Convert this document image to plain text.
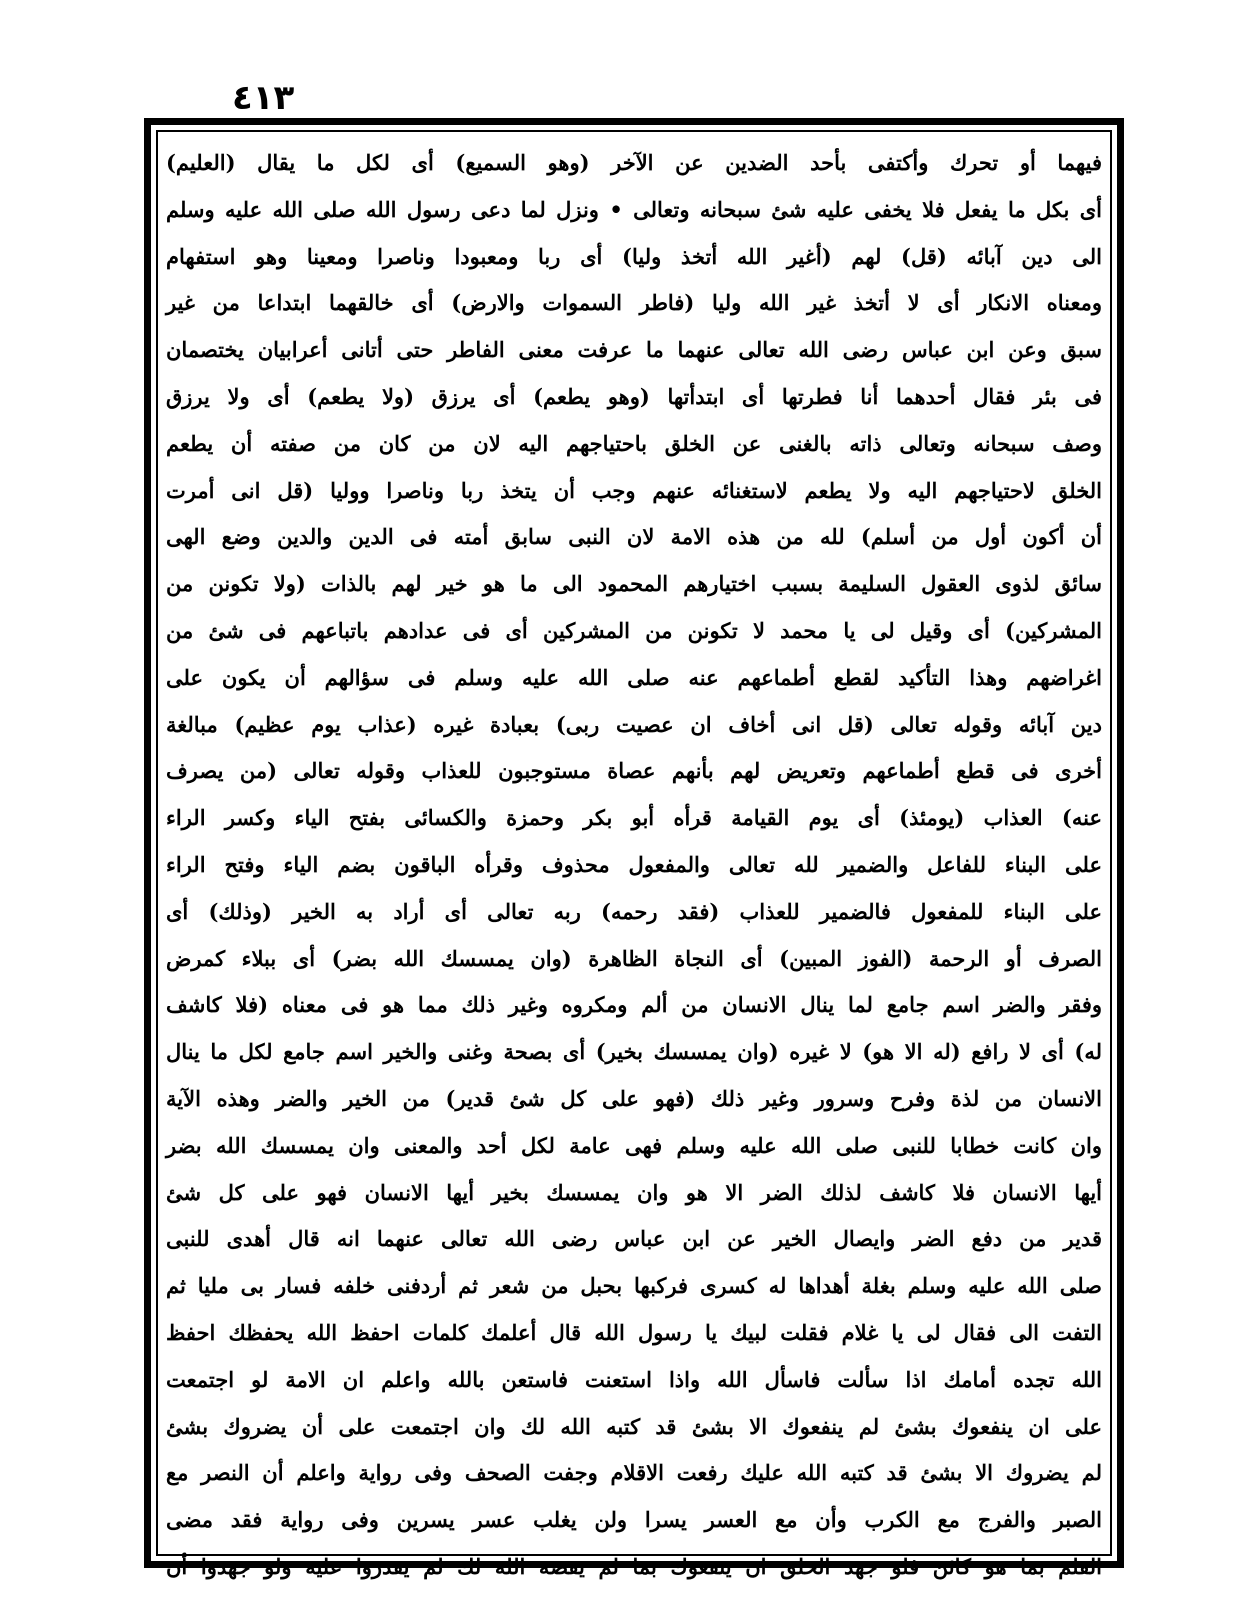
٤١٣
فيهما أو تحرك وأكتفى بأحد الضدين عن الآخر (وهو السميع) أى لكل ما يقال (العليم)
أى بكل ما يفعل فلا يخفى عليه شئ سبحانه وتعالى • ونزل لما دعى رسول الله صلى الله عليه وسلم
الى دين آبائه (قل) لهم (أغير الله أتخذ وليا) أى ربا ومعبودا وناصرا ومعينا وهو استفهام
ومعناه الانكار أى لا أتخذ غير الله وليا (فاطر السموات والارض) أى خالقهما ابتداعا من غير
سبق وعن ابن عباس رضى الله تعالى عنهما ما عرفت معنى الفاطر حتى أتانى أعرابيان يختصمان
فى بئر فقال أحدهما أنا فطرتها أى ابتدأتها (وهو يطعم) أى يرزق (ولا يطعم) أى ولا يرزق
وصف سبحانه وتعالى ذاته بالغنى عن الخلق باحتياجهم اليه لان من كان من صفته أن يطعم
الخلق لاحتياجهم اليه ولا يطعم لاستغنائه عنهم وجب أن يتخذ ربا وناصرا ووليا (قل انى أمرت
أن أكون أول من أسلم) لله من هذه الامة لان النبى سابق أمته فى الدين والدين وضع الهى
سائق لذوى العقول السليمة بسبب اختيارهم المحمود الى ما هو خير لهم بالذات (ولا تكونن من
المشركين) أى وقيل لى يا محمد لا تكونن من المشركين أى فى عدادهم باتباعهم فى شئ من
اغراضهم وهذا التأكيد لقطع أطماعهم عنه صلى الله عليه وسلم فى سؤالهم أن يكون على
دين آبائه وقوله تعالى (قل انى أخاف ان عصيت ربى) بعبادة غيره (عذاب يوم عظيم) مبالغة
أخرى فى قطع أطماعهم وتعريض لهم بأنهم عصاة مستوجبون للعذاب وقوله تعالى (من يصرف
عنه) العذاب (يومئذ) أى يوم القيامة قرأه أبو بكر وحمزة والكسائى بفتح الياء وكسر الراء
على البناء للفاعل والضمير لله تعالى والمفعول محذوف وقرأه الباقون بضم الياء وفتح الراء
على البناء للمفعول فالضمير للعذاب (فقد رحمه) ربه تعالى أى أراد به الخير (وذلك) أى
الصرف أو الرحمة (الفوز المبين) أى النجاة الظاهرة (وان يمسسك الله بضر) أى ببلاء كمرض
وفقر والضر اسم جامع لما ينال الانسان من ألم ومكروه وغير ذلك مما هو فى معناه (فلا كاشف
له) أى لا رافع (له الا هو) لا غيره (وان يمسسك بخير) أى بصحة وغنى والخير اسم جامع لكل ما ينال
الانسان من لذة وفرح وسرور وغير ذلك (فهو على كل شئ قدير) من الخير والضر وهذه الآية
وان كانت خطابا للنبى صلى الله عليه وسلم فهى عامة لكل أحد والمعنى وان يمسسك الله بضر
أيها الانسان فلا كاشف لذلك الضر الا هو وان يمسسك بخير أيها الانسان فهو على كل شئ
قدير من دفع الضر وايصال الخير عن ابن عباس رضى الله تعالى عنهما انه قال أهدى للنبى
صلى الله عليه وسلم بغلة أهداها له كسرى فركبها بحبل من شعر ثم أردفنى خلفه فسار بى مليا ثم
التفت الى فقال لى يا غلام فقلت لبيك يا رسول الله قال أعلمك كلمات احفظ الله يحفظك احفظ
الله تجده أمامك اذا سألت فاسأل الله واذا استعنت فاستعن بالله واعلم ان الامة لو اجتمعت
على ان ينفعوك بشئ لم ينفعوك الا بشئ قد كتبه الله لك وان اجتمعت على أن يضروك بشئ
لم يضروك الا بشئ قد كتبه الله عليك رفعت الاقلام وجفت الصحف وفى رواية واعلم أن النصر مع
الصبر والفرج مع الكرب وأن مع العسر يسرا ولن يغلب عسر يسرين وفى رواية فقد مضى
القلم بما هو كائن فلو جهد الخلق ان ينفعوك بما لم يقضه الله لك لم يقدروا عليه ولو جهدوا أن
